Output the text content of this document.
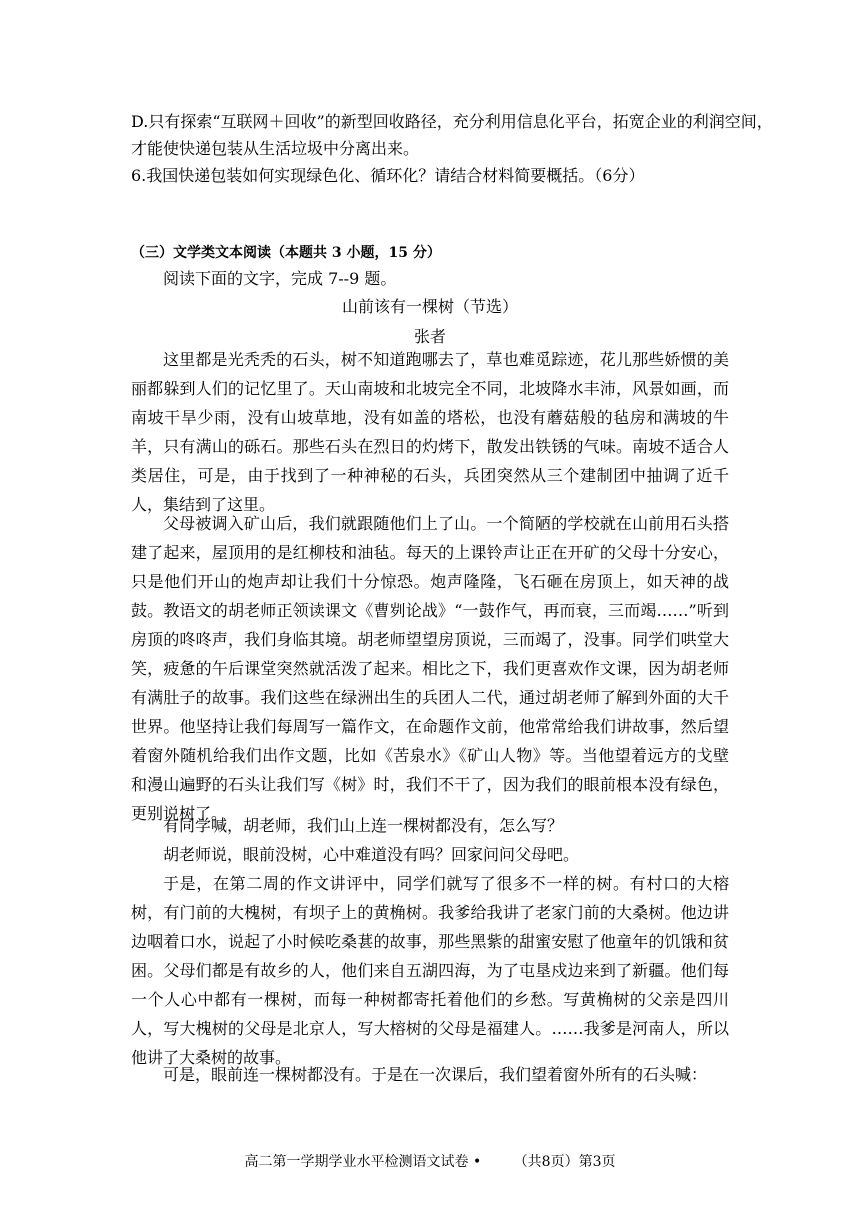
D.只有探索“互联网＋回收”的新型回收路径，充分利用信息化平台，拓宽企业的利润空间，
才能使快递包装从生活垃圾中分离出来。
6.我国快递包装如何实现绿色化、循环化？请结合材料简要概括。（6分）
（三）文学类文本阅读（本题共 3 小题，15 分）
阅读下面的文字，完成 7--9 题。
山前该有一棵树（节选）
张者
这里都是光秃秃的石头，树不知道跑哪去了，草也难觅踪迹，花儿那些娇惯的美丽都躲到人们的记忆里了。天山南坡和北坡完全不同，北坡降水丰沛，风景如画，而南坡干旱少雨，没有山坡草地，没有如盖的塔松，也没有蘑菇般的毡房和满坡的牛羊，只有满山的砾石。那些石头在烈日的灼烤下，散发出铁锈的气味。南坡不适合人类居住，可是，由于找到了一种神秘的石头，兵团突然从三个建制团中抽调了近千人，集结到了这里。
父母被调入矿山后，我们就跟随他们上了山。一个简陋的学校就在山前用石头搭建了起来，屋顶用的是红柳枝和油毡。每天的上课铃声让正在开矿的父母十分安心，只是他们开山的炮声却让我们十分惊恐。炮声隆隆，飞石砸在房顶上，如天神的战鼓。教语文的胡老师正领读课文《曹刿论战》“一鼓作气，再而衰，三而竭……”听到房顶的咚咚声，我们身临其境。胡老师望望房顶说，三而竭了，没事。同学们哄堂大笑，疲惫的午后课堂突然就活泼了起来。相比之下，我们更喜欢作文课，因为胡老师有满肚子的故事。我们这些在绿洲出生的兵团人二代，通过胡老师了解到外面的大千世界。他坚持让我们每周写一篇作文，在命题作文前，他常常给我们讲故事，然后望着窗外随机给我们出作文题，比如《苦泉水》《矿山人物》等。当他望着远方的戈壁和漫山遍野的石头让我们写《树》时，我们不干了，因为我们的眼前根本没有绿色，更别说树了。
有同学喊，胡老师，我们山上连一棵树都没有，怎么写？
胡老师说，眼前没树，心中难道没有吗？回家问问父母吧。
于是，在第二周的作文讲评中，同学们就写了很多不一样的树。有村口的大榕树，有门前的大槐树，有坝子上的黄桷树。我爹给我讲了老家门前的大桑树。他边讲边咽着口水，说起了小时候吃桑葚的故事，那些黑紫的甜蜜安慰了他童年的饥饿和贫困。父母们都是有故乡的人，他们来自五湖四海，为了屯垦戍边来到了新疆。他们每一个人心中都有一棵树，而每一种树都寄托着他们的乡愁。写黄桷树的父亲是四川人，写大槐树的父母是北京人，写大榕树的父母是福建人。……我爹是河南人，所以他讲了大桑树的故事。
可是，眼前连一棵树都没有。于是在一次课后，我们望着窗外所有的石头喊：
高二第一学期学业水平检测语文试卷 • （共8页）第3页
